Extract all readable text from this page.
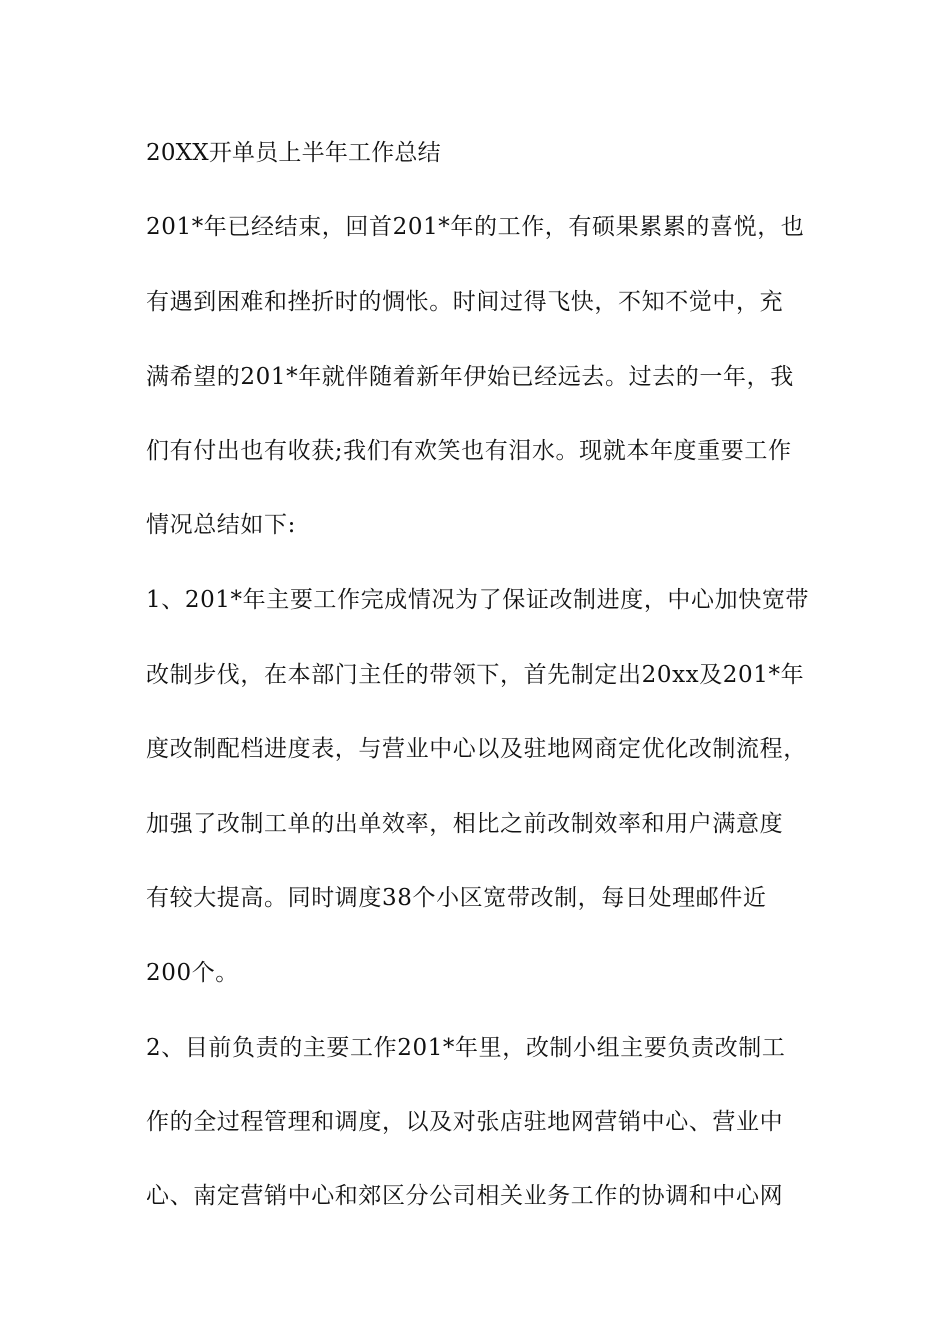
20XX开单员上半年工作总结
201*年已经结束，回首201*年的工作，有硕果累累的喜悦，也
有遇到困难和挫折时的惆怅。时间过得飞快，不知不觉中，充
满希望的201*年就伴随着新年伊始已经远去。过去的一年，我
们有付出也有收获;我们有欢笑也有泪水。现就本年度重要工作
情况总结如下:
1、201*年主要工作完成情况为了保证改制进度，中心加快宽带
改制步伐，在本部门主任的带领下，首先制定出20xx及201*年
度改制配档进度表，与营业中心以及驻地网商定优化改制流程，
加强了改制工单的出单效率，相比之前改制效率和用户满意度
有较大提高。同时调度38个小区宽带改制，每日处理邮件近
200个。
2、目前负责的主要工作201*年里，改制小组主要负责改制工
作的全过程管理和调度，以及对张店驻地网营销中心、营业中
心、南定营销中心和郊区分公司相关业务工作的协调和中心网
